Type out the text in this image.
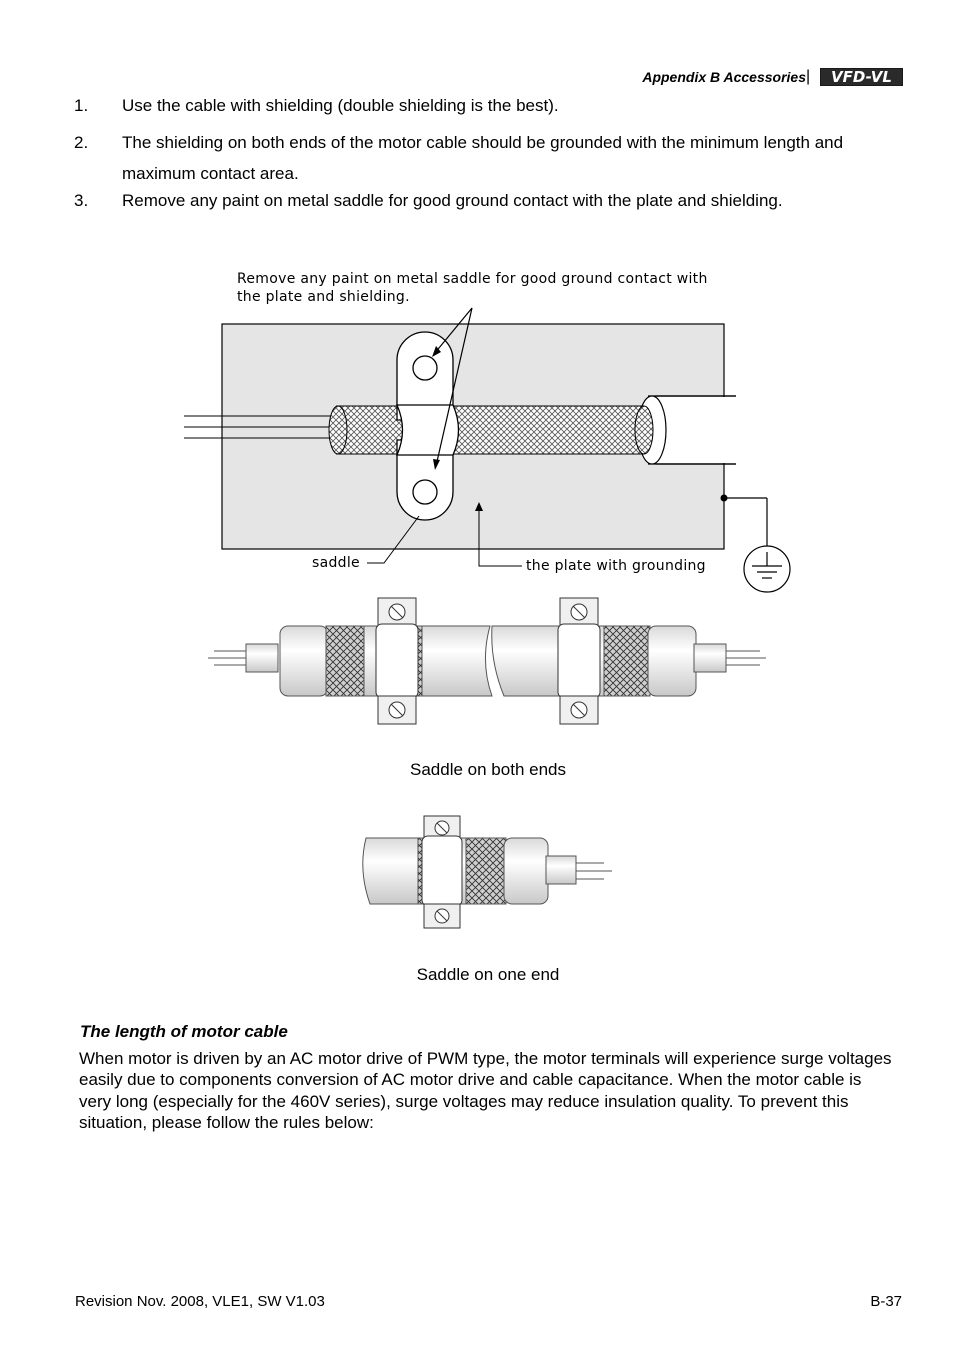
Appendix B Accessories | VFD-VL
1. Use the cable with shielding (double shielding is the best).
2. The shielding on both ends of the motor cable should be grounded with the minimum length and maximum contact area.
3. Remove any paint on metal saddle for good ground contact with the plate and shielding.
Remove any paint on metal saddle for good ground contact with
the plate and shielding.
saddle	the plate with grounding
Saddle on both ends
Saddle on one end
The length of motor cable
When motor is driven by an AC motor drive of PWM type, the motor terminals will experience surge voltages easily due to components conversion of AC motor drive and cable capacitance. When the motor cable is very long (especially for the 460V series), surge voltages may reduce insulation quality. To prevent this situation, please follow the rules below:
Revision Nov. 2008, VLE1, SW V1.03	B-37
